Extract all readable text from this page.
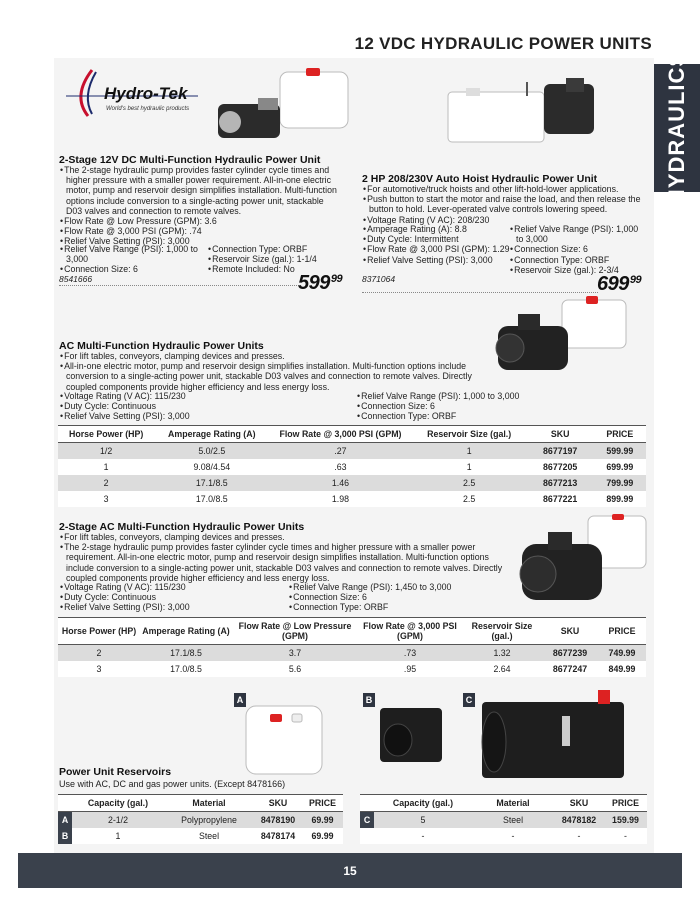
12 VDC HYDRAULIC POWER UNITS
HYDRAULICS
Hydro-Tek
World's best hydraulic products
2-Stage 12V DC Multi-Function Hydraulic Power Unit
• The 2-stage hydraulic pump provides faster cylinder cycle times and higher pressure with a smaller power requirement. All-in-one electric motor, pump and reservoir design simplifies installation. Multi-function options include conversion to a single-acting power unit, stackable D03 valves and connection to remote valves.
• Flow Rate @ Low Pressure (GPM): 3.6
• Flow Rate @ 3,000 PSI (GPM): .74
• Relief Valve Setting (PSI): 3,000
• Relief Valve Range (PSI): 1,000 to 3,000
• Connection Size: 6
• Connection Type: ORBF
• Reservoir Size (gal.): 1-1/4
• Remote Included: No
8541666	$599^{99}$
2 HP 208/230V Auto Hoist Hydraulic Power Unit
• For automotive/truck hoists and other lift-hold-lower applications.
• Push button to start the motor and raise the load, and then release the button to hold. Lever-operated valve controls lowering speed.
• Voltage Rating (V AC): 208/230
• Amperage Rating (A): 8.8
• Duty Cycle: Intermittent
• Flow Rate @ 3,000 PSI (GPM): 1.29
• Relief Valve Setting (PSI): 3,000
• Relief Valve Range (PSI): 1,000 to 3,000
• Connection Size: 6
• Connection Type: ORBF
• Reservoir Size (gal.): 2-3/4
8371064	$699^{99}$
AC Multi-Function Hydraulic Power Units
• For lift tables, conveyors, clamping devices and presses.
• All-in-one electric motor, pump and reservoir design simplifies installation. Multi-function options include conversion to a single-acting power unit, stackable D03 valves and connection to remote valves. Directly coupled components provide higher efficiency and less energy loss.
• Voltage Rating (V AC): 115/230
• Duty Cycle: Continuous
• Relief Valve Setting (PSI): 3,000
• Relief Valve Range (PSI): 1,000 to 3,000
• Connection Size: 6
• Connection Type: ORBF
Horse Power (HP)	Amperage Rating (A)	Flow Rate @ 3,000 PSI (GPM)	Reservoir Size (gal.)	SKU	PRICE
1/2	5.0/2.5	.27	1	8677197	599.99
1	9.08/4.54	.63	1	8677205	699.99
2	17.1/8.5	1.46	2.5	8677213	799.99
3	17.0/8.5	1.98	2.5	8677221	899.99
2-Stage AC Multi-Function Hydraulic Power Units
• For lift tables, conveyors, clamping devices and presses.
• The 2-stage hydraulic pump provides faster cylinder cycle times and higher pressure with a smaller power requirement. All-in-one electric motor, pump and reservoir design simplifies installation. Multi-function options include conversion to a single-acting power unit, stackable D03 valves and connection to remote valves. Directly coupled components provide higher efficiency and less energy loss.
• Voltage Rating (V AC): 115/230
• Duty Cycle: Continuous
• Relief Valve Setting (PSI): 3,000
• Relief Valve Range (PSI): 1,450 to 3,000
• Connection Size: 6
• Connection Type: ORBF
Horse Power (HP)	Amperage Rating (A)	Flow Rate @ Low Pressure (GPM)	Flow Rate @ 3,000 PSI (GPM)	Reservoir Size (gal.)	SKU	PRICE
2	17.1/8.5	3.7	.73	1.32	8677239	749.99
3	17.0/8.5	5.6	.95	2.64	8677247	849.99
A	B	C
Power Unit Reservoirs
Use with AC, DC and gas power units. (Except 8478166)
	Capacity (gal.)	Material	SKU	PRICE
A	2-1/2	Polypropylene	8478190	69.99
B	1	Steel	8478174	69.99
	Capacity (gal.)	Material	SKU	PRICE
C	5	Steel	8478182	159.99
	-	-	-	-
15
